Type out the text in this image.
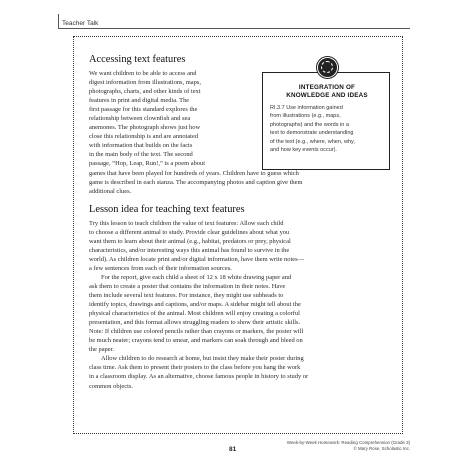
Teacher Talk
Accessing text features
We want children to be able to access and
digest information from illustrations, maps,
photographs, charts, and other kinds of text
features in print and digital media. The
first passage for this standard explores the
relationship between clownfish and sea
anemones. The photograph shows just how
close this relationship is and are annotated
with information that builds on the facts
in the main body of the text. The second
passage, “Hop, Leap, Run!,” is a poem about
games that have been played for hundreds of years. Children have to guess which
game is described in each stanza. The accompanying photos and caption give them
additional clues.
INTEGRATION OF
KNOWLEDGE AND IDEAS
RI.3.7 Use information gained
from illustrations (e.g., maps,
photographs) and the words in a
text to demonstrate understanding
of the text (e.g., where, when, why,
and how key events occur).
Lesson idea for teaching text features
Try this lesson to teach children the value of text features: Allow each child
to choose a different animal to study. Provide clear guidelines about what you
want them to learn about their animal (e.g., habitat, predators or prey, physical
characteristics, and/or interesting ways this animal has found to survive in the
world). As children locate print and/or digital information, have them write notes—
a few sentences from each of their information sources.
For the report, give each child a sheet of 12 x 18 white drawing paper and
ask them to create a poster that contains the information in their notes. Have
them include several text features. For instance, they might use subheads to
identify topics, drawings and captions, and/or maps. A sidebar might tell about the
physical characteristics of the animal. Most children will enjoy creating a colorful
presentation, and this format allows struggling readers to show their artistic skills.
Note: If children use colored pencils rather than crayons or markers, the poster will
be much neater; crayons tend to smear, and markers can soak through and bleed on
the paper.
Allow children to do research at home, but insist they make their poster during
class time. Ask them to present their posters to the class before you hang the work
in a classroom display. As an alternative, choose famous people in history to study or
common objects.
Week-by-Week Homework: Reading Comprehension (Grade 3)
© Mary Rose, Scholastic Inc.
81
